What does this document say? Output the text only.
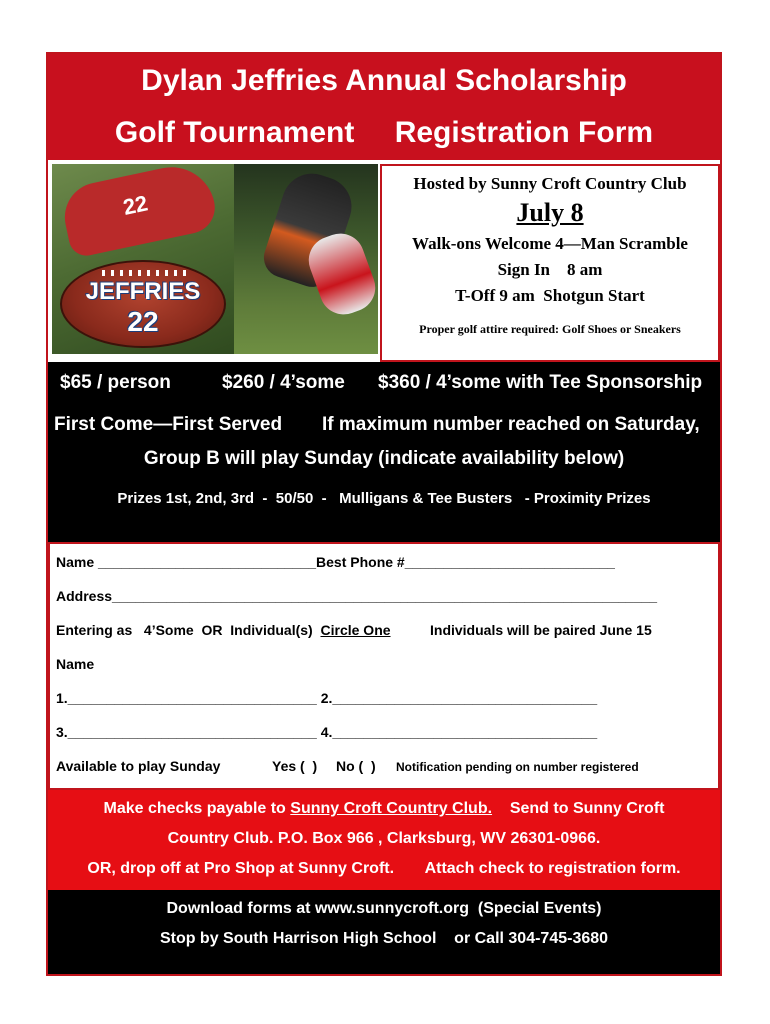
Dylan Jeffries Annual Scholarship
Golf Tournament Registration Form
22
JEFFRIES
22
Hosted by Sunny Croft Country Club
July 8
Walk-ons Welcome 4—Man Scramble
Sign In    8 am
T-Off 9 am  Shotgun Start
Proper golf attire required: Golf Shoes or Sneakers
$65 / person	$260 / 4’some $360 / 4’some with Tee Sponsorship
First Come—First Served If maximum number reached on Saturday,
Group B will play Sunday (indicate availability below)
Prizes 1st, 2nd, 3rd  -  50/50  -   Mulligans & Tee Busters   - Proximity Prizes
Name ____________________________Best Phone #___________________________
Address______________________________________________________________________
Entering as   4’Some  OR  Individual(s)  Circle One	Individuals will be paired June 15
Name
1.________________________________ 2.__________________________________
3.________________________________ 4.__________________________________
Available to play Sunday	Yes (  ) No (  ) Notification pending on number registered
Make checks payable to Sunny Croft Country Club.    Send to Sunny Croft
Country Club. P.O. Box 966 , Clarksburg, WV 26301-0966.
OR, drop off at Pro Shop at Sunny Croft.       Attach check to registration form.
Download forms at www.sunnycroft.org  (Special Events)
Stop by South Harrison High School    or Call 304-745-3680
